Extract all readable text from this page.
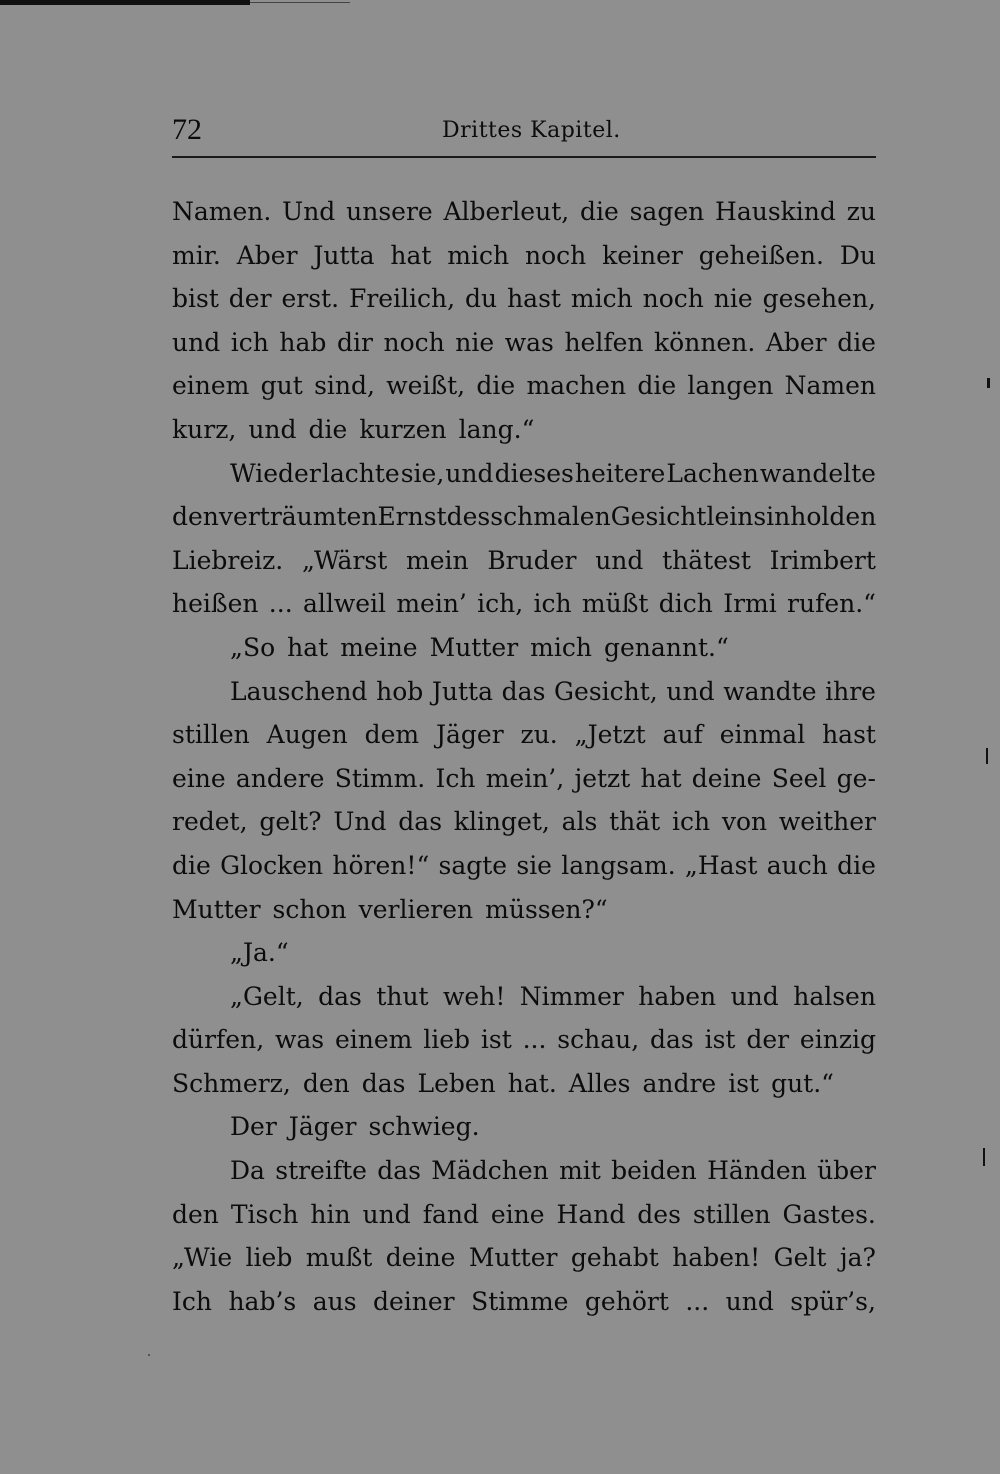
72	Drittes Kapitel.
Namen. Und unsere Alberleut, die sagen Hauskind zu
mir. Aber Jutta hat mich noch keiner geheißen. Du
bist der erst. Freilich, du hast mich noch nie gesehen,
und ich hab dir noch nie was helfen können. Aber die
einem gut sind, weißt, die machen die langen Namen
kurz, und die kurzen lang.“
Wieder lachte sie, und dieses heitere Lachen wandelte
den verträumten Ernst des schmalen Gesichtleins in holden
Liebreiz. „Wärst mein Bruder und thätest Irimbert
heißen ... allweil mein’ ich, ich müßt dich Irmi rufen.“
„So hat meine Mutter mich genannt.“
Lauschend hob Jutta das Gesicht, und wandte ihre
stillen Augen dem Jäger zu. „Jetzt auf einmal hast
eine andere Stimm. Ich mein’, jetzt hat deine Seel ge-
redet, gelt? Und das klinget, als thät ich von weither
die Glocken hören!“ sagte sie langsam. „Hast auch die
Mutter schon verlieren müssen?“
„Ja.“
„Gelt, das thut weh! Nimmer haben und halsen
dürfen, was einem lieb ist ... schau, das ist der einzig
Schmerz, den das Leben hat. Alles andre ist gut.“
Der Jäger schwieg.
Da streifte das Mädchen mit beiden Händen über
den Tisch hin und fand eine Hand des stillen Gastes.
„Wie lieb mußt deine Mutter gehabt haben! Gelt ja?
Ich hab’s aus deiner Stimme gehört ... und spür’s,
